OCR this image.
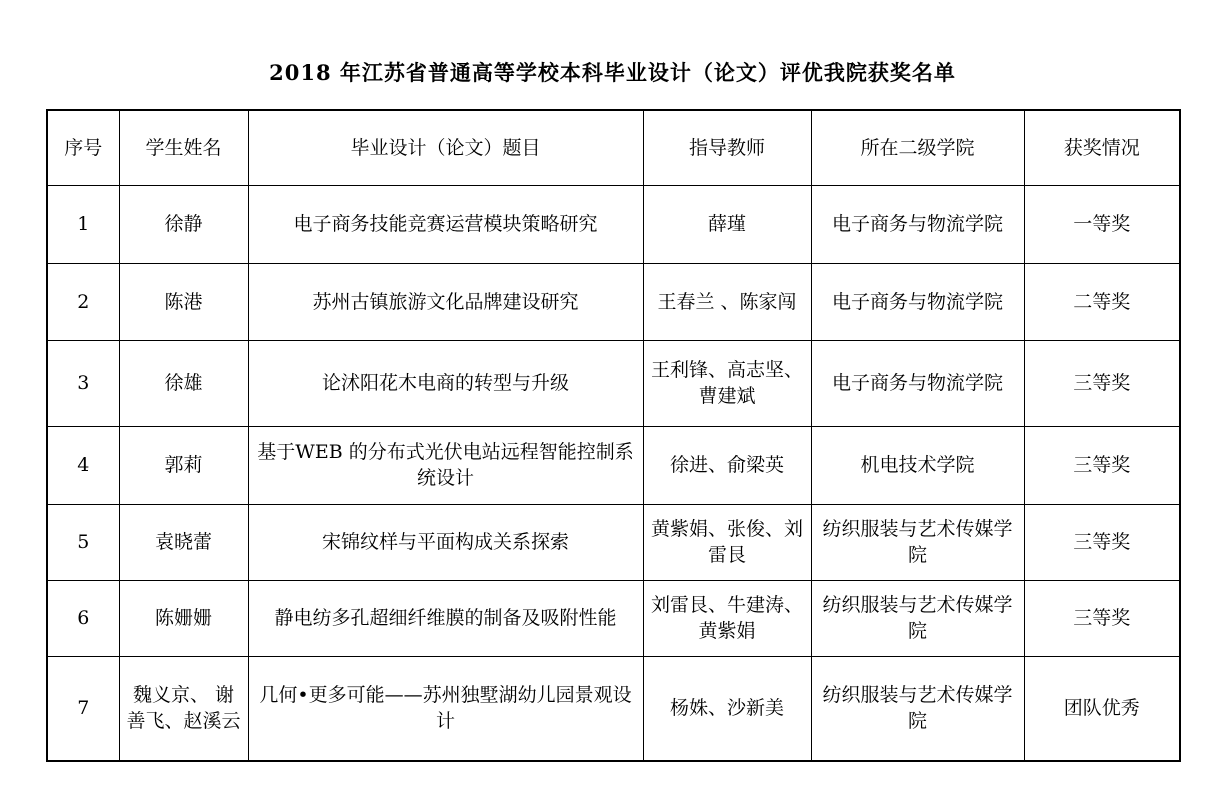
2018 年江苏省普通高等学校本科毕业设计（论文）评优我院获奖名单
序号	学生姓名	毕业设计（论文）题目	指导教师	所在二级学院	获奖情况
1	徐静	电子商务技能竞赛运营模块策略研究	薛瑾	电子商务与物流学院	一等奖
2	陈港	苏州古镇旅游文化品牌建设研究	王春兰 、陈家闯	电子商务与物流学院	二等奖
3	徐雄	论沭阳花木电商的转型与升级	王利锋、高志坚、曹建斌	电子商务与物流学院	三等奖
4	郭莉	基于WEB 的分布式光伏电站远程智能控制系统设计	徐进、俞梁英	机电技术学院	三等奖
5	袁晓蕾	宋锦纹样与平面构成关系探索	黄紫娟、张俊、刘雷艮	纺织服装与艺术传媒学院	三等奖
6	陈姗姗	静电纺多孔超细纤维膜的制备及吸附性能	刘雷艮、牛建涛、黄紫娟	纺织服装与艺术传媒学院	三等奖
7	魏义京、 谢善飞、赵溪云	几何•更多可能——苏州独墅湖幼儿园景观设计	杨姝、沙新美	纺织服装与艺术传媒学院	团队优秀
